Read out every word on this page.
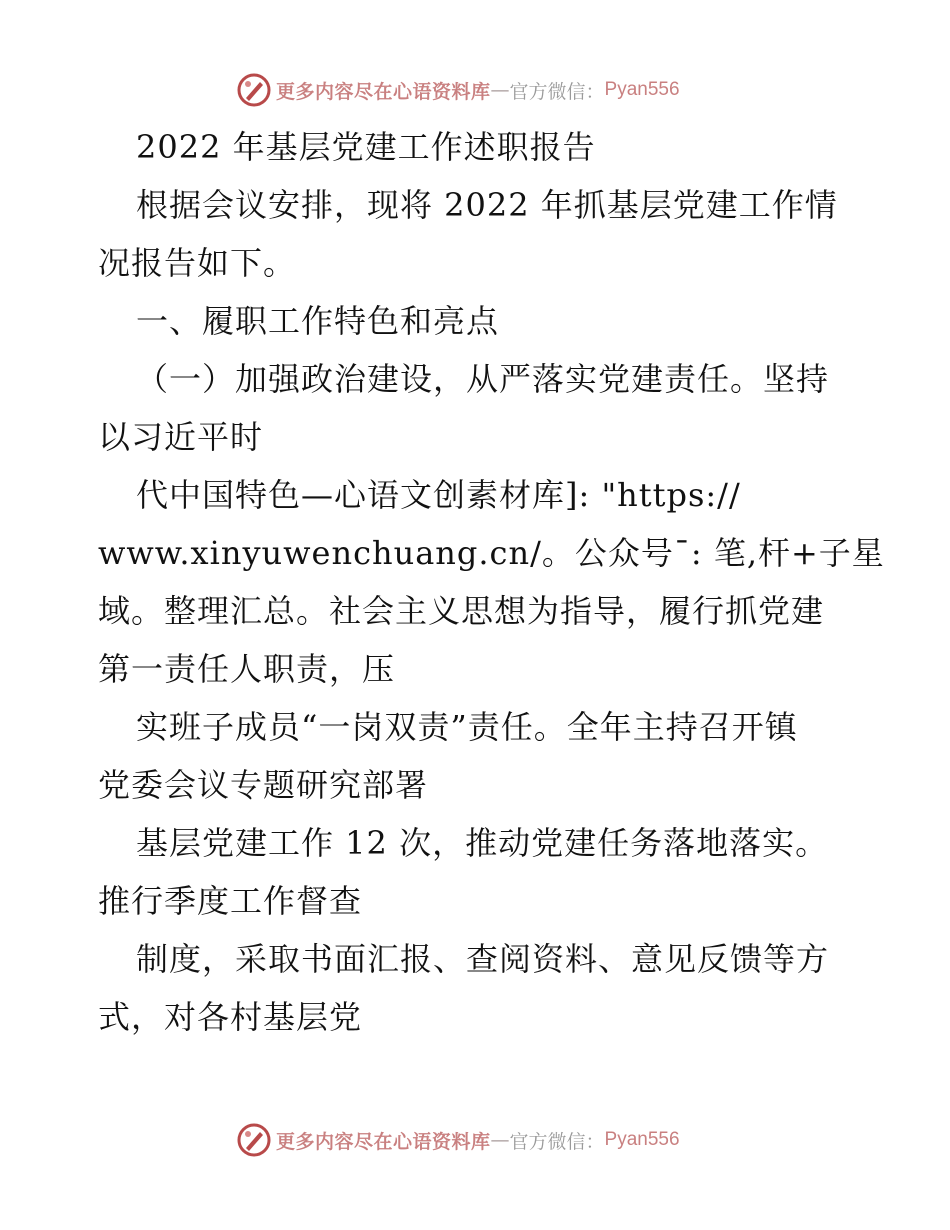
更多内容尽在心语资料库 — 官方微信： Pyan556
2022 年基层党建工作述职报告
根据会议安排，现将 2022 年抓基层党建工作情
况报告如下。
一、履职工作特色和亮点
（一）加强政治建设，从严落实党建责任。坚持
以习近平时
代中国特色—心语文创素材库]: "https://
www.xinyuwenchuang.cn/。公众号¯: 笔,杆+子星
域。整理汇总。社会主义思想为指导，履行抓党建
第一责任人职责，压
实班子成员“一岗双责”责任。全年主持召开镇
党委会议专题研究部署
基层党建工作 12 次，推动党建任务落地落实。
推行季度工作督查
制度，采取书面汇报、查阅资料、意见反馈等方
式，对各村基层党
更多内容尽在心语资料库 — 官方微信： Pyan556
